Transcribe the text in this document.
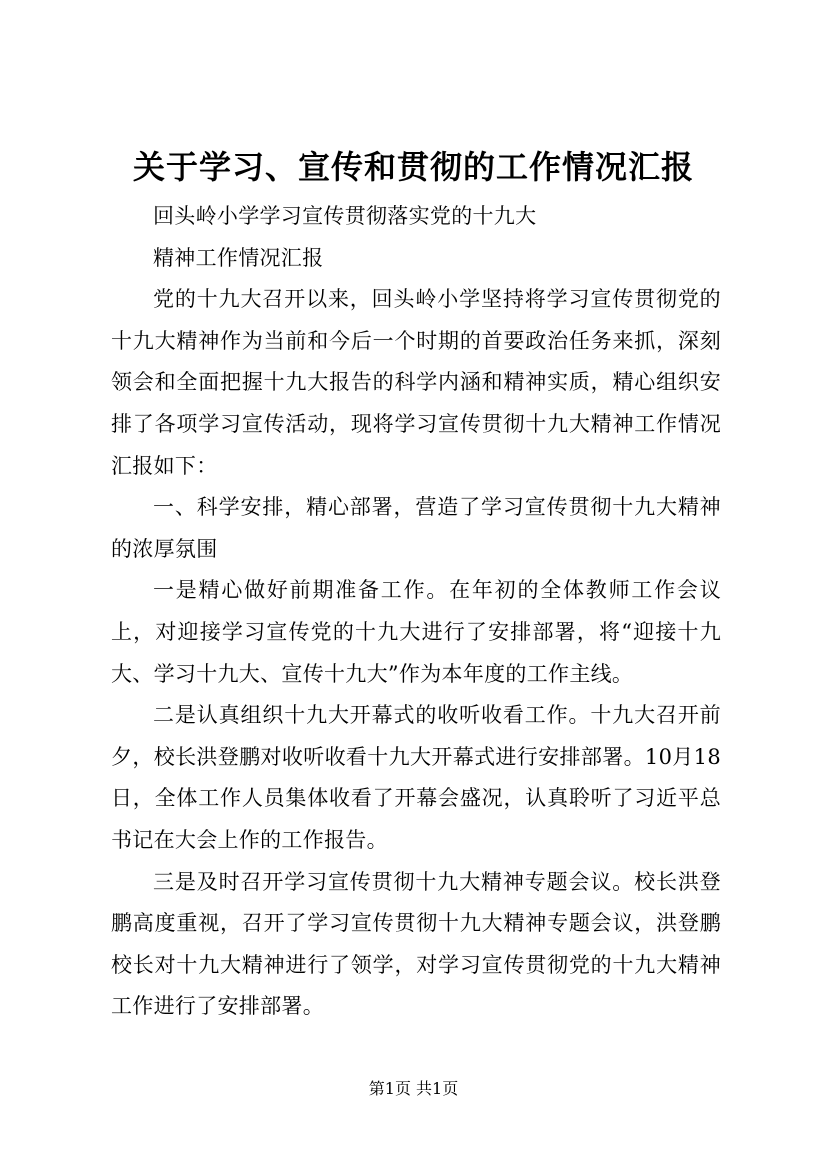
关于学习、宣传和贯彻的工作情况汇报

回头岭小学学习宣传贯彻落实党的十九大

精神工作情况汇报

党的十九大召开以来，回头岭小学坚持将学习宣传贯彻党的十九大精神作为当前和今后一个时期的首要政治任务来抓，深刻领会和全面把握十九大报告的科学内涵和精神实质，精心组织安排了各项学习宣传活动，现将学习宣传贯彻十九大精神工作情况汇报如下：

一、科学安排，精心部署，营造了学习宣传贯彻十九大精神的浓厚氛围

一是精心做好前期准备工作。在年初的全体教师工作会议上，对迎接学习宣传党的十九大进行了安排部署，将“迎接十九大、学习十九大、宣传十九大”作为本年度的工作主线。

二是认真组织十九大开幕式的收听收看工作。十九大召开前夕，校长洪登鹏对收听收看十九大开幕式进行安排部署。10月18日，全体工作人员集体收看了开幕会盛况，认真聆听了习近平总书记在大会上作的工作报告。

三是及时召开学习宣传贯彻十九大精神专题会议。校长洪登鹏高度重视，召开了学习宣传贯彻十九大精神专题会议，洪登鹏校长对十九大精神进行了领学，对学习宣传贯彻党的十九大精神工作进行了安排部署。

第1页 共1页
